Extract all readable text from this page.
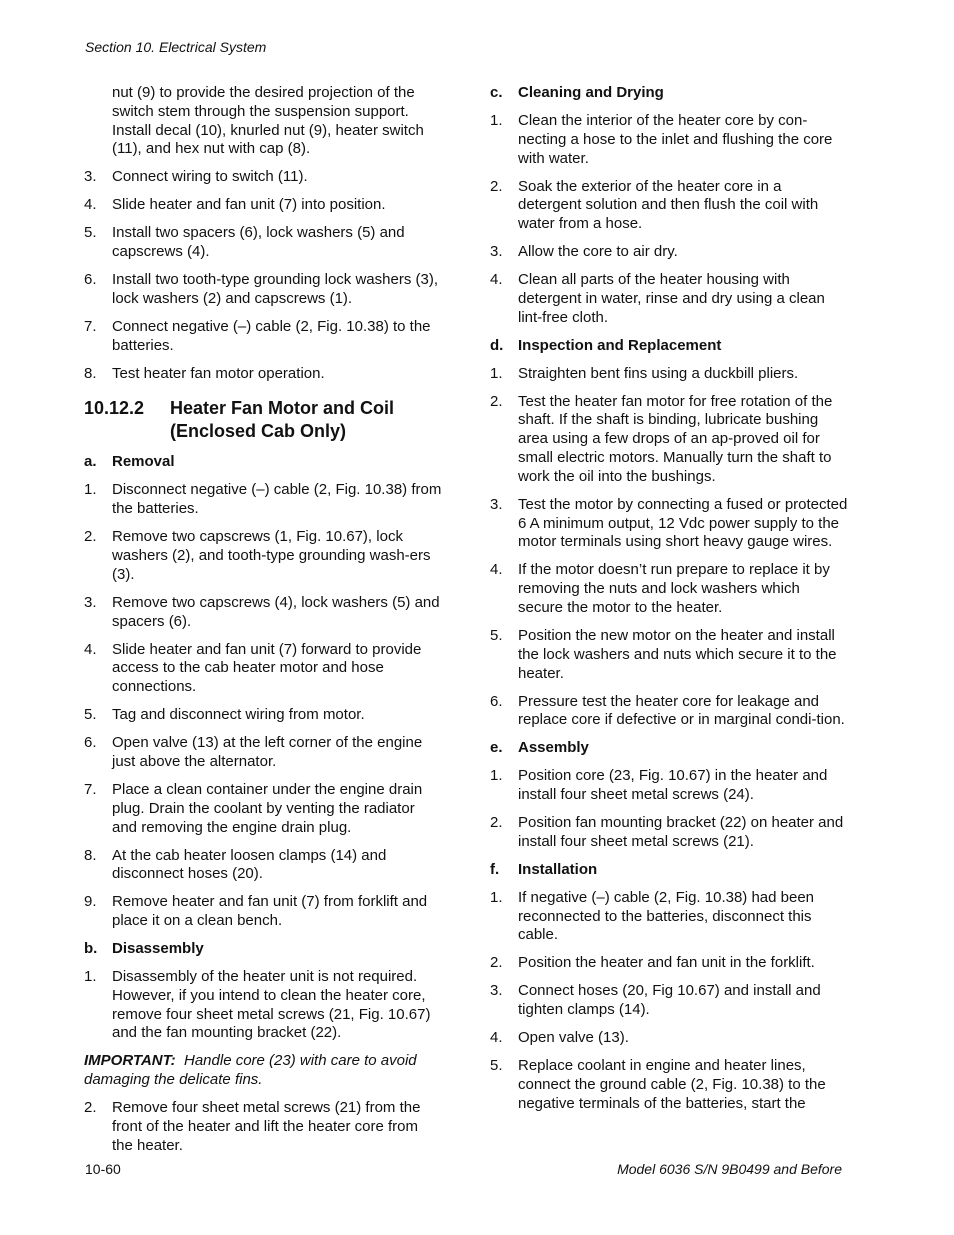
Section 10. Electrical System
nut (9) to provide the desired projection of the switch stem through the suspension support. Install decal (10), knurled nut (9), heater switch (11), and hex nut with cap (8).
3.	Connect wiring to switch (11).
4.	Slide heater and fan unit (7) into position.
5.	Install two spacers (6), lock washers (5) and capscrews (4).
6.	Install two tooth-type grounding lock washers (3), lock washers (2) and capscrews (1).
7.	Connect negative (–) cable (2, Fig. 10.38) to the batteries.
8.	Test heater fan motor operation.
10.12.2	Heater Fan Motor and Coil (Enclosed Cab Only)
a.	Removal
1.	Disconnect negative (–) cable (2, Fig. 10.38) from the batteries.
2.	Remove two capscrews (1, Fig. 10.67), lock washers (2), and tooth-type grounding wash-ers (3).
3.	Remove two capscrews (4), lock washers (5) and spacers (6).
4.	Slide heater and fan unit (7) forward to provide access to the cab heater motor and hose connections.
5.	Tag and disconnect wiring from motor.
6.	Open valve (13) at the left corner of the engine just above the alternator.
7.	Place a clean container under the engine drain plug. Drain the coolant by venting the radiator and removing the engine drain plug.
8.	At the cab heater loosen clamps (14) and disconnect hoses (20).
9.	Remove heater and fan unit (7) from forklift and place it on a clean bench.
b. Disassembly
1.	Disassembly of the heater unit is not required. However, if you intend to clean the heater core, remove four sheet metal screws (21, Fig. 10.67) and the fan mounting bracket (22).
IMPORTANT: Handle core (23) with care to avoid damaging the delicate fins.
2.	Remove four sheet metal screws (21) from the front of the heater and lift the heater core from the heater.
c.	Cleaning and Drying
1.	Clean the interior of the heater core by con-necting a hose to the inlet and flushing the core with water.
2.	Soak the exterior of the heater core in a detergent solution and then flush the coil with water from a hose.
3.	Allow the core to air dry.
4.	Clean all parts of the heater housing with detergent in water, rinse and dry using a clean lint-free cloth.
d. Inspection and Replacement
1.	Straighten bent fins using a duckbill pliers.
2.	Test the heater fan motor for free rotation of the shaft. If the shaft is binding, lubricate bushing area using a few drops of an ap-proved oil for small electric motors. Manually turn the shaft to work the oil into the bushings.
3.	Test the motor by connecting a fused or protected 6 A minimum output, 12 Vdc power supply to the motor terminals using short heavy gauge wires.
4.	If the motor doesn’t run prepare to replace it by removing the nuts and lock washers which secure the motor to the heater.
5.	Position the new motor on the heater and install the lock washers and nuts which secure it to the heater.
6.	Pressure test the heater core for leakage and replace core if defective or in marginal condi-tion.
e.	Assembly
1.	Position core (23, Fig. 10.67) in the heater and install four sheet metal screws (24).
2.	Position fan mounting bracket (22) on heater and install four sheet metal screws (21).
f.	Installation
1.	If negative (–) cable (2, Fig. 10.38) had been reconnected to the batteries, disconnect this cable.
2.	Position the heater and fan unit in the forklift.
3.	Connect hoses (20, Fig 10.67) and install and tighten clamps (14).
4.	Open valve (13).
5.	Replace coolant in engine and heater lines, connect the ground cable (2, Fig. 10.38) to the negative terminals of the batteries, start the
10-60	Model 6036 S/N 9B0499 and Before
